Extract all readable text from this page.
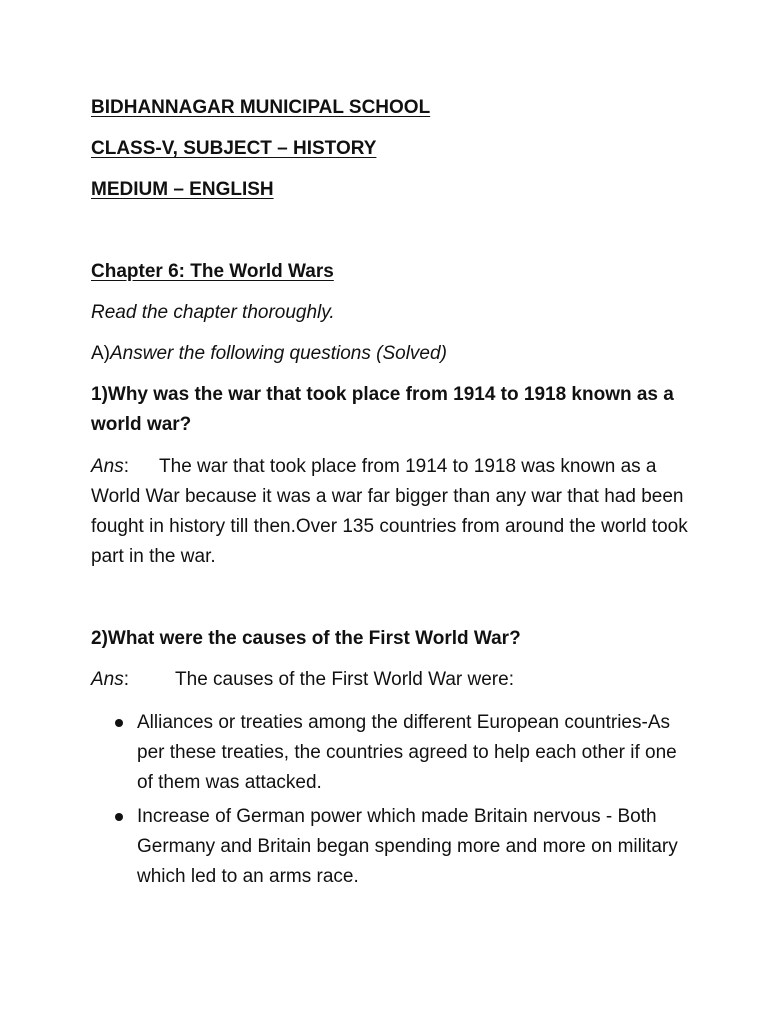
BIDHANNAGAR MUNICIPAL SCHOOL
CLASS-V, SUBJECT – HISTORY
MEDIUM – ENGLISH
Chapter 6: The World Wars
Read the chapter thoroughly.
A)Answer the following questions (Solved)

1)Why was the war that took place from 1914 to 1918 known as a world war?

Ans: The war that took place from 1914 to 1918 was known as a World War because it was a war far bigger than any war that had been fought in history till then.Over 135 countries from around the world took part in the war.

2)What were the causes of the First World War?

Ans: The causes of the First World War were:

Alliances or treaties among the different European countries-As per these treaties, the countries agreed to help each other if one of them was attacked.
Increase of German power which made Britain nervous - Both Germany and Britain began spending more and more on military which led to an arms race.
